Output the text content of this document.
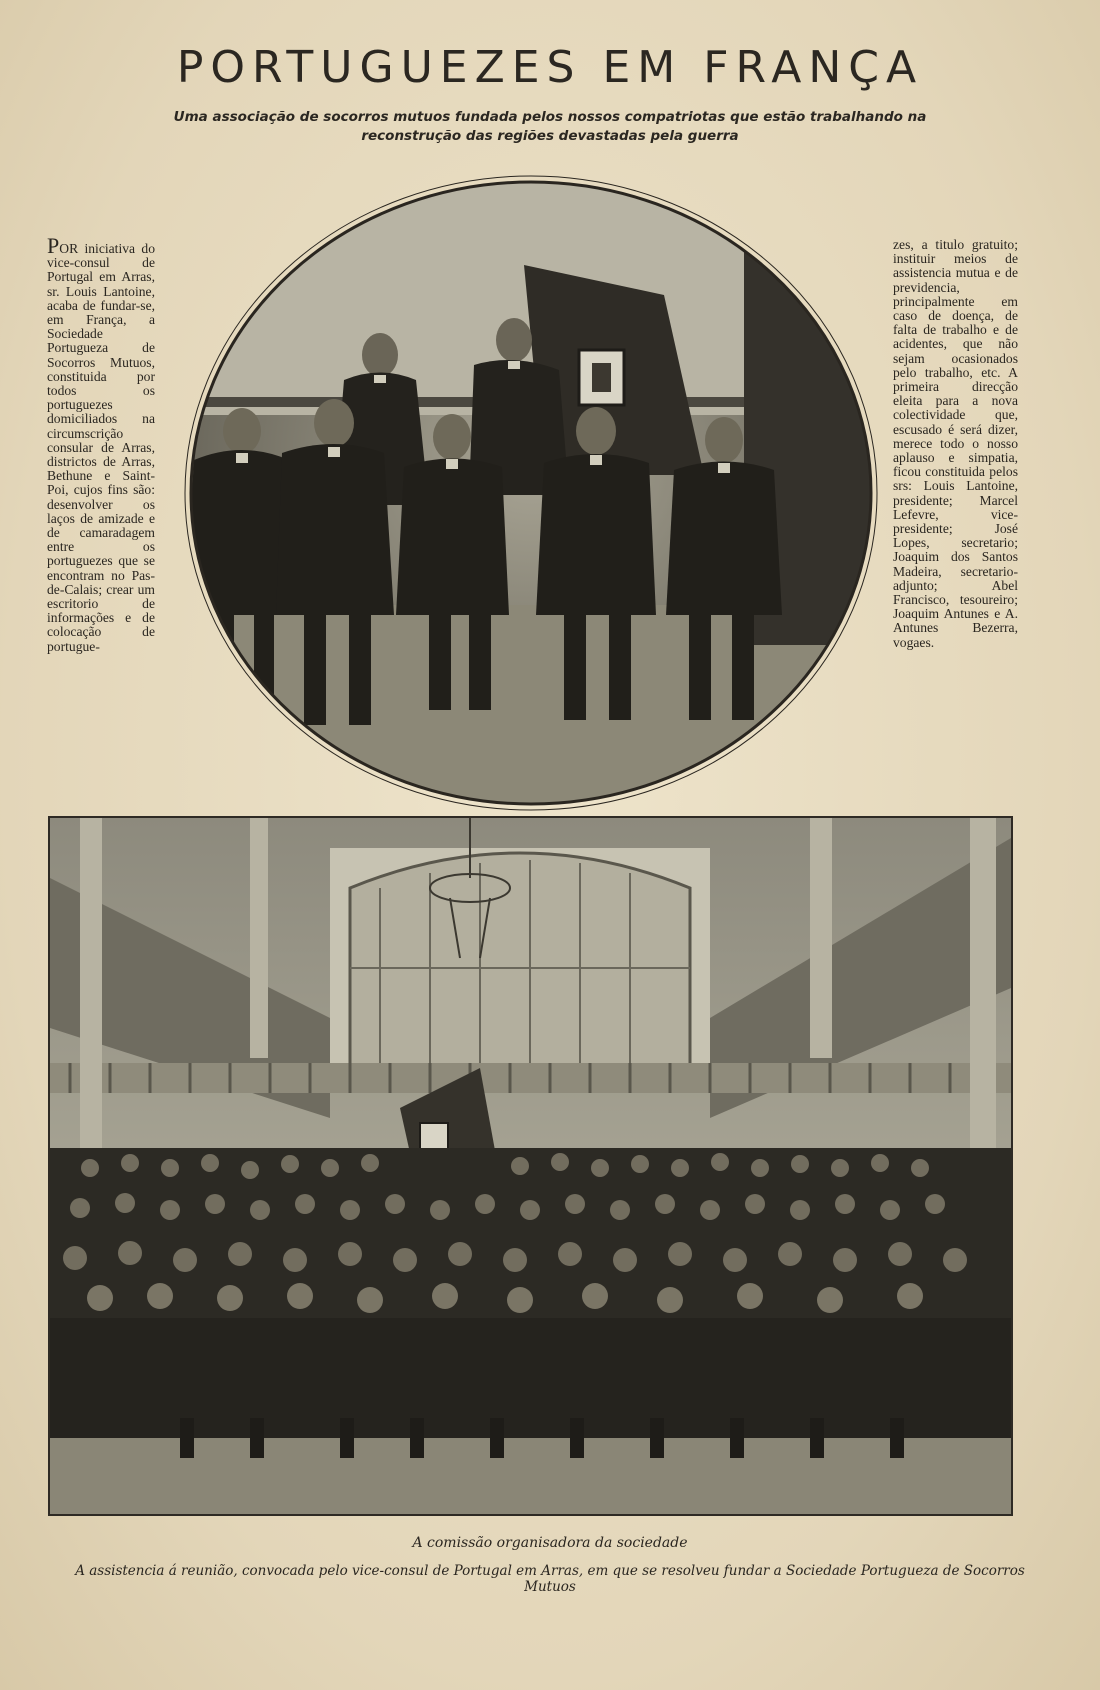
PORTUGUEZES EM FRANÇA
Uma associação de socorros mutuos fundada pelos nossos compatriotas que estão trabalhando na reconstrução das regiões devastadas pela guerra
POR iniciativa do vice-consul de Portugal em Arras, sr. Louis Lantoine, acaba de fundar-se, em França, a Sociedade Portugueza de Socorros Mutuos, constituida por todos os portuguezes domiciliados na circumscrição consular de Arras, districtos de Arras, Bethune e Saint-Poi, cujos fins são: desenvolver os laços de amizade e de camaradagem entre os portuguezes que se encontram no Pas-de-Calais; crear um escritorio de informações e de colocação de portugue-
zes, a titulo gratuito; instituir meios de assistencia mutua e de previdencia, principalmente em caso de doença, de falta de trabalho e de acidentes, que não sejam ocasionados pelo trabalho, etc. A primeira direcção eleita para a nova colectividade que, escusado é será dizer, merece todo o nosso aplauso e simpatia, ficou constituida pelos srs: Louis Lantoine, presidente; Marcel Lefevre, vice-presidente; José Lopes, secretario; Joaquim dos Santos Madeira, secretario-adjunto; Abel Francisco, tesoureiro; Joaquim Antunes e A. Antunes Bezerra, vogaes.
A comissão organisadora da sociedade
A assistencia á reunião, convocada pelo vice-consul de Portugal em Arras, em que se resolveu fundar a Sociedade Portugueza de Socorros Mutuos
